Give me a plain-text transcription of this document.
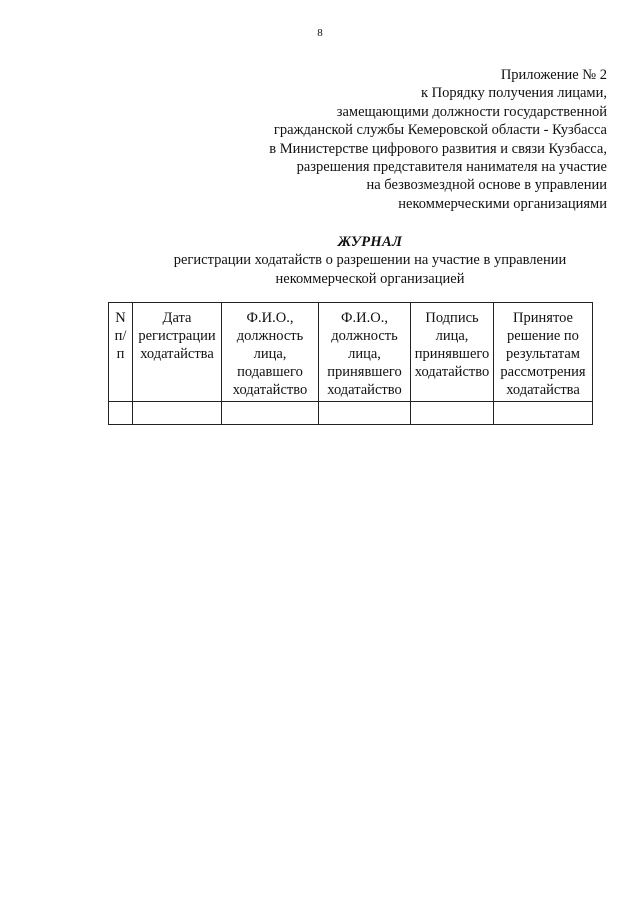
8
Приложение № 2
к Порядку получения лицами,
замещающими должности государственной
гражданской службы Кемеровской области - Кузбасса
в Министерстве цифрового развития и связи Кузбасса,
разрешения представителя нанимателя на участие
на безвозмездной основе в управлении
некоммерческими организациями
ЖУРНАЛ
регистрации ходатайств о разрешении на участие в управлении
некоммерческой организацией
N
п/
п	Дата
регистрации
ходатайства	Ф.И.О.,
должность
лица,
подавшего
ходатайство	Ф.И.О.,
должность
лица,
принявшего
ходатайство	Подпись
лица,
принявшего
ходатайство	Принятое
решение по
результатам
рассмотрения
ходатайства
